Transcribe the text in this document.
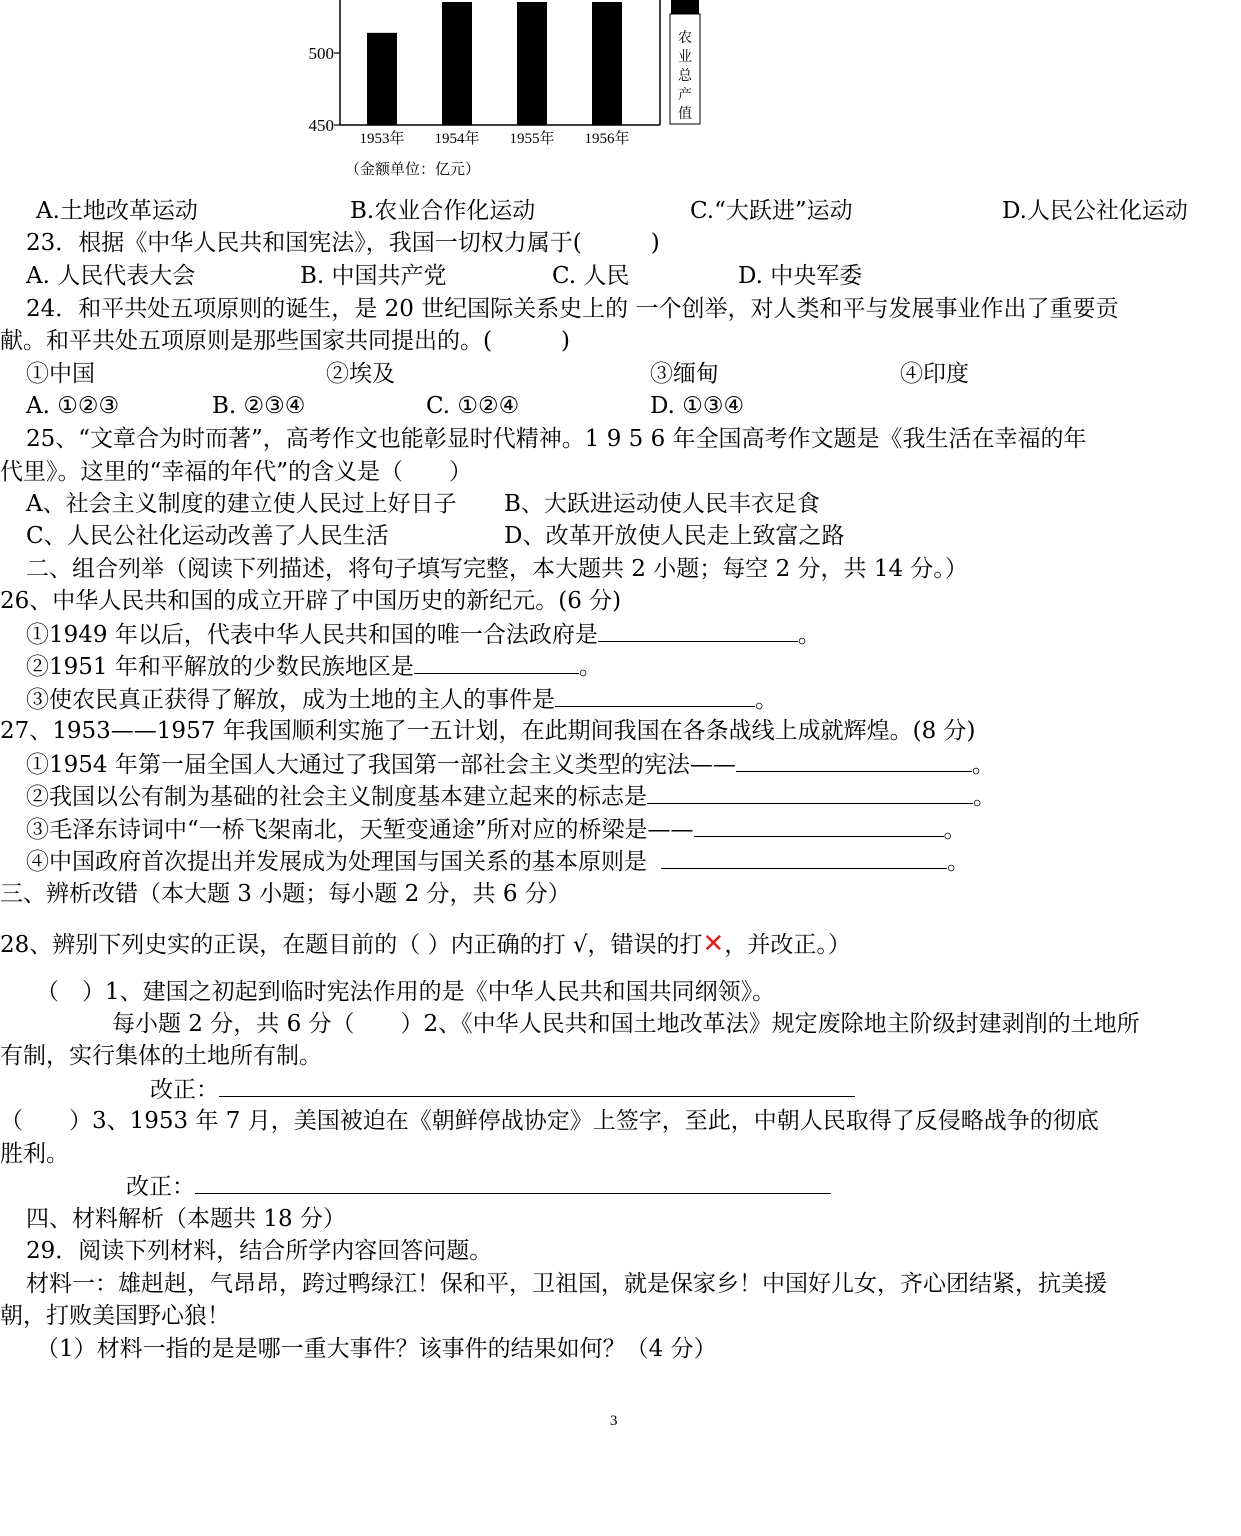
450
500
1953年 1954年 1955年 1956年
（金额单位：亿元）
农
业
总
产
值
A.土地改革运动	B.农业合作化运动	C.“大跃进”运动	D.人民公社化运动
23．根据《中华人民共和国宪法》，我国一切权力属于(　　　)
A. 人民代表大会	B. 中国共产党	C. 人民	D. 中央军委
24．和平共处五项原则的诞生，是 20 世纪国际关系史上的 一个创举，对人类和平与发展事业作出了重要贡
献。和平共处五项原则是那些国家共同提出的。(　　　)
①中国	②埃及	③缅甸	④印度
A. ①②③	B. ②③④	C. ①②④	D. ①③④
25、“文章合为时而著”，高考作文也能彰显时代精神。1 9 5 6 年全国高考作文题是《我生活在幸福的年
代里》。这里的“幸福的年代”的含义是（　　）
A、社会主义制度的建立使人民过上好日子 B、大跃进运动使人民丰衣足食
C、人民公社化运动改善了人民生活	D、改革开放使人民走上致富之路
二、组合列举（阅读下列描述，将句子填写完整，本大题共 2 小题；每空 2 分，共 14 分。）
26、中华人民共和国的成立开辟了中国历史的新纪元。(6 分)
①1949 年以后，代表中华人民共和国的唯一合法政府是	。
②1951 年和平解放的少数民族地区是	。
③使农民真正获得了解放，成为土地的主人的事件是	。
27、1953——1957 年我国顺利实施了一五计划，在此期间我国在各条战线上成就辉煌。(8 分)
①1954 年第一届全国人大通过了我国第一部社会主义类型的宪法——	。
②我国以公有制为基础的社会主义制度基本建立起来的标志是	。
③毛泽东诗词中“一桥飞架南北，天堑变通途”所对应的桥梁是——	。
④中国政府首次提出并发展成为处理国与国关系的基本原则是	。
三、辨析改错（本大题 3 小题；每小题 2 分，共 6 分）
28、辨别下列史实的正误，在题目前的（ ）内正确的打 √，错误的打✕，并改正。）
（　）1、建国之初起到临时宪法作用的是《中华人民共和国共同纲领》。
每小题 2 分，共 6 分（　　）2、《中华人民共和国土地改革法》规定废除地主阶级封建剥削的土地所
有制，实行集体的土地所有制。
改正：
（　　）3、1953 年 7 月，美国被迫在《朝鲜停战协定》上签字，至此，中朝人民取得了反侵略战争的彻底
胜利。
改正：
四、材料解析（本题共 18 分）
29．阅读下列材料，结合所学内容回答问题。
材料一：雄赳赳，气昂昂，跨过鸭绿江！保和平，卫祖国，就是保家乡！中国好儿女，齐心团结紧，抗美援
朝，打败美国野心狼！
（1）材料一指的是是哪一重大事件？该事件的结果如何？（4 分）
3
